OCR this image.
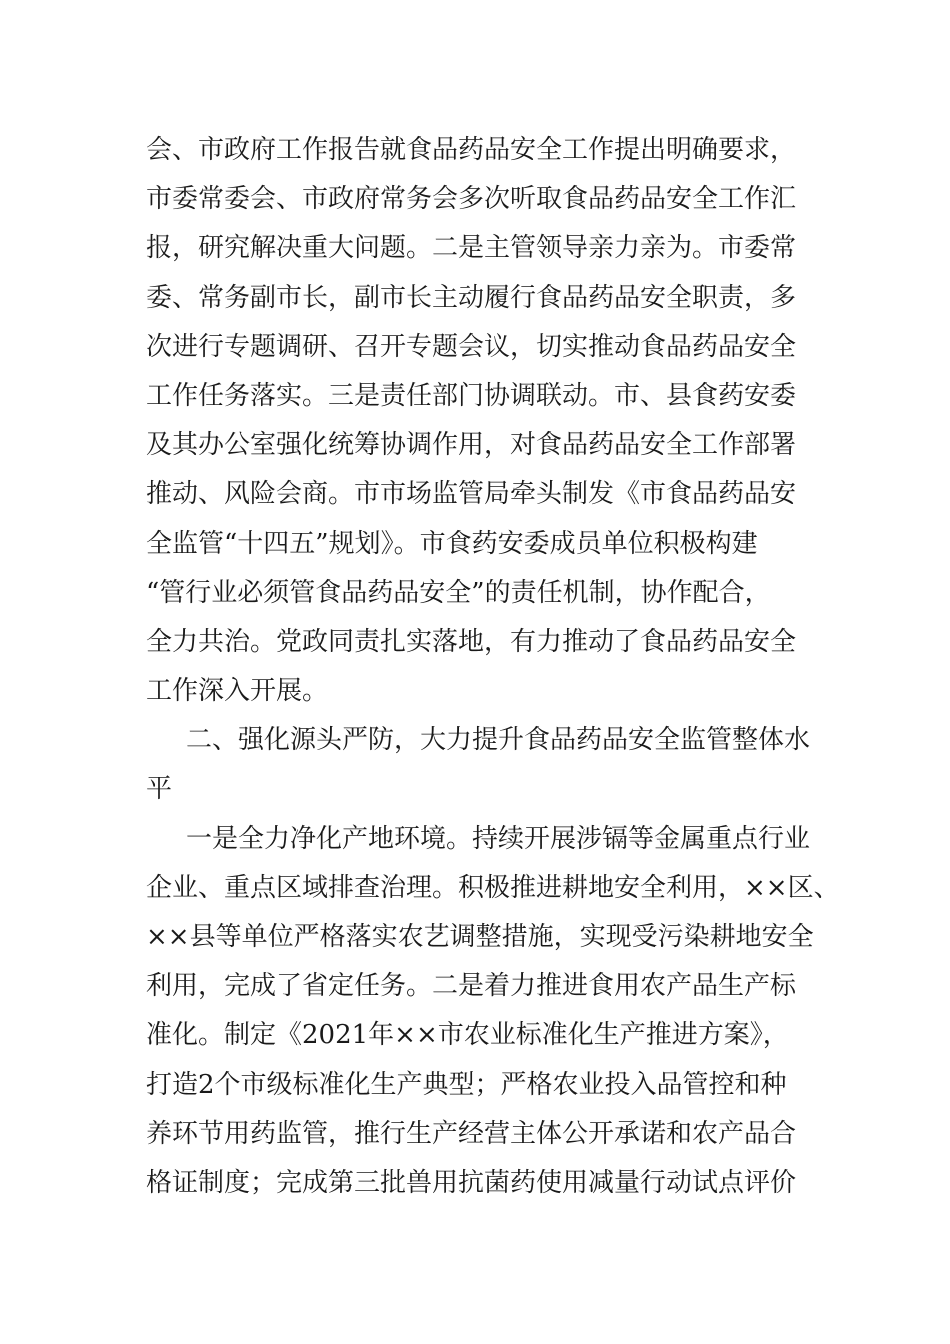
会、市政府工作报告就食品药品安全工作提出明确要求，
市委常委会、市政府常务会多次听取食品药品安全工作汇
报，研究解决重大问题。二是主管领导亲力亲为。市委常
委、常务副市长，副市长主动履行食品药品安全职责，多
次进行专题调研、召开专题会议，切实推动食品药品安全
工作任务落实。三是责任部门协调联动。市、县食药安委
及其办公室强化统筹协调作用，对食品药品安全工作部署
推动、风险会商。市市场监管局牵头制发《市食品药品安
全监管“十四五”规划》。市食药安委成员单位积极构建
“管行业必须管食品药品安全”的责任机制，协作配合，
全力共治。党政同责扎实落地，有力推动了食品药品安全
工作深入开展。
二、强化源头严防，大力提升食品药品安全监管整体水
平
一是全力净化产地环境。持续开展涉镉等金属重点行业
企业、重点区域排查治理。积极推进耕地安全利用，××区、
××县等单位严格落实农艺调整措施，实现受污染耕地安全
利用，完成了省定任务。二是着力推进食用农产品生产标
准化。制定《2021年××市农业标准化生产推进方案》，
打造2个市级标准化生产典型；严格农业投入品管控和种
养环节用药监管，推行生产经营主体公开承诺和农产品合
格证制度；完成第三批兽用抗菌药使用减量行动试点评价
